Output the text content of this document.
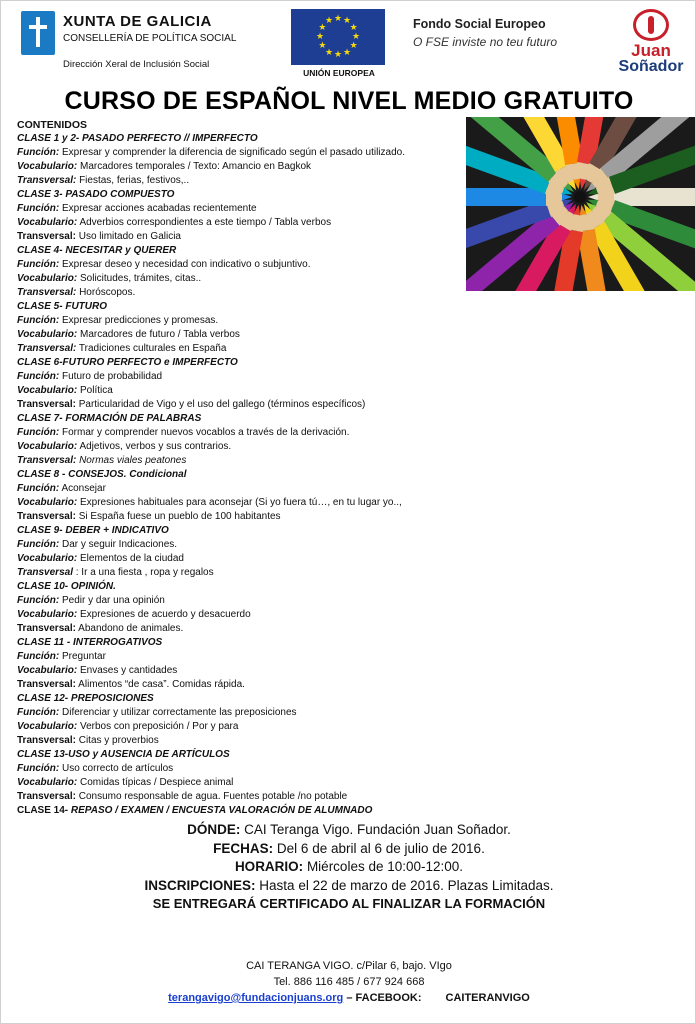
XUNTA DE GALICIA
CONSELLERÍA DE POLÍTICA SOCIAL
Dirección Xeral de Inclusión Social
★
★
★
★
★
★
★
★
★ ★ ★
★
UNIÓN EUROPEA
Fondo Social Europeo
O FSE inviste no teu futuro	Juan
Soñador
CURSO DE ESPAÑOL NIVEL MEDIO GRATUITO
CONTENIDOS
CLASE 1 y 2- PASADO PERFECTO // IMPERFECTO
Función: Expresar y comprender la diferencia de significado según el pasado utilizado.
Vocabulario: Marcadores temporales / Texto: Amancio en Bagkok
Transversal: Fiestas, ferias, festivos,..
CLASE 3- PASADO COMPUESTO
Función: Expresar acciones acabadas recientemente
Vocabulario: Adverbios correspondientes a este tiempo / Tabla verbos
Transversal: Uso limitado en Galicia
CLASE 4- NECESITAR y QUERER
Función: Expresar deseo y necesidad con indicativo o subjuntivo.
Vocabulario: Solicitudes, trámites, citas..
Transversal: Horóscopos.
CLASE 5- FUTURO
Función: Expresar predicciones y promesas.
Vocabulario: Marcadores de futuro / Tabla verbos
Transversal: Tradiciones culturales en España
CLASE 6-FUTURO PERFECTO e IMPERFECTO
Función: Futuro de probabilidad
Vocabulario: Política
Transversal: Particularidad de Vigo y el uso del gallego (términos específicos)
CLASE 7- FORMACIÓN DE PALABRAS
Función: Formar y comprender nuevos vocablos a través de la derivación.
Vocabulario: Adjetivos, verbos y sus contrarios.
Transversal: Normas viales peatones
CLASE 8 - CONSEJOS. Condicional
Función: Aconsejar
Vocabulario: Expresiones habituales para aconsejar (Si yo fuera tú…, en tu lugar yo..,
Transversal: Si España fuese un pueblo de 100 habitantes
CLASE 9- DEBER + INDICATIVO
Función: Dar y seguir Indicaciones.
Vocabulario: Elementos de la ciudad
Transversal : Ir a una fiesta , ropa y regalos
CLASE 10- OPINIÓN.
Función: Pedir y dar una opinión
Vocabulario: Expresiones de acuerdo y desacuerdo
Transversal: Abandono de animales.
CLASE 11 - INTERROGATIVOS
Función: Preguntar
Vocabulario: Envases y cantidades
Transversal: Alimentos “de casa”. Comidas rápida.
CLASE 12- PREPOSICIONES
Función: Diferenciar y utilizar correctamente las preposiciones
Vocabulario: Verbos con preposición / Por y para
Transversal: Citas y proverbios
CLASE 13-USO y AUSENCIA DE ARTÍCULOS
Función: Uso correcto de artículos
Vocabulario: Comidas típicas / Despiece animal
Transversal: Consumo responsable de agua. Fuentes potable /no potable
CLASE 14- REPASO / EXAMEN / ENCUESTA VALORACIÓN DE ALUMNADO
DÓNDE: CAI Teranga Vigo. Fundación Juan Soñador.
FECHAS: Del 6 de abril al 6 de julio de 2016.
HORARIO: Miércoles de 10:00-12:00.
INSCRIPCIONES: Hasta el 22 de marzo de 2016. Plazas Limitadas.
SE ENTREGARÁ CERTIFICADO AL FINALIZAR LA FORMACIÓN
CAI TERANGA VIGO. c/Pilar 6, bajo. VIgo
Tel. 886 116 485 / 677 924 668
terangavigo@fundacionjuans.org – FACEBOOK: CAITERANVIGO
